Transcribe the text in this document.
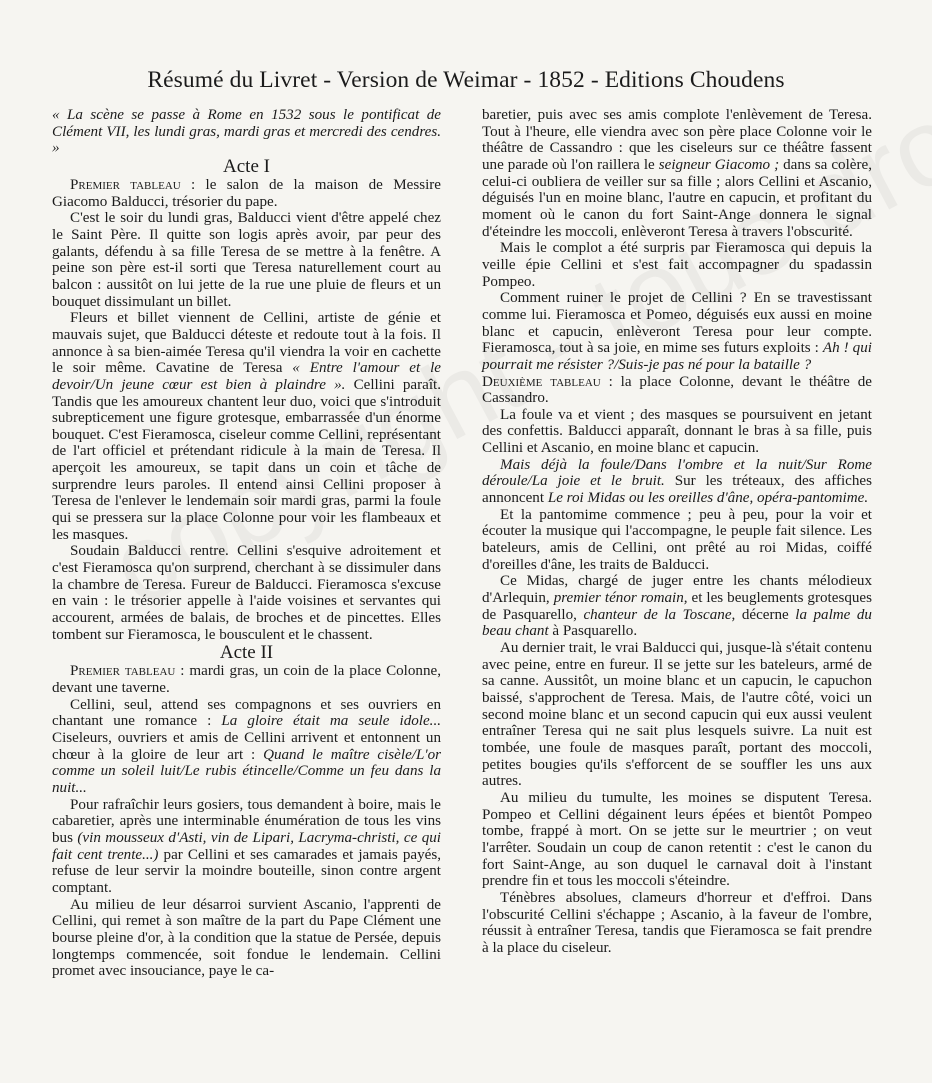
Résumé du Livret - Version de Weimar - 1852 - Editions Choudens

« La scène se passe à Rome en 1532 sous le pontificat de Clément VII, les lundi gras, mardi gras et mercredi des cendres. »

Acte I

Premier tableau : le salon de la maison de Messire Giacomo Balducci, trésorier du pape.

C'est le soir du lundi gras, Balducci vient d'être appelé chez le Saint Père. Il quitte son logis après avoir, par peur des galants, défendu à sa fille Teresa de se mettre à la fenêtre. A peine son père est-il sorti que Teresa naturellement court au balcon : aussitôt on lui jette de la rue une pluie de fleurs et un bouquet dissimulant un billet.

Fleurs et billet viennent de Cellini, artiste de génie et mauvais sujet, que Balducci déteste et redoute tout à la fois. Il annonce à sa bien-aimée Teresa qu'il viendra la voir en cachette le soir même. Cavatine de Teresa « Entre l'amour et le devoir/Un jeune cœur est bien à plaindre ». Cellini paraît. Tandis que les amoureux chantent leur duo, voici que s'introduit subrepticement une figure grotesque, embarrassée d'un énorme bouquet. C'est Fieramosca, ciseleur comme Cellini, représentant de l'art officiel et prétendant ridicule à la main de Teresa. Il aperçoit les amoureux, se tapit dans un coin et tâche de surprendre leurs paroles. Il entend ainsi Cellini proposer à Teresa de l'enlever le lendemain soir mardi gras, parmi la foule qui se pressera sur la place Colonne pour voir les flambeaux et les masques.

Soudain Balducci rentre. Cellini s'esquive adroitement et c'est Fieramosca qu'on surprend, cherchant à se dissimuler dans la chambre de Teresa. Fureur de Balducci. Fieramosca s'excuse en vain : le trésorier appelle à l'aide voisines et servantes qui accourent, armées de balais, de broches et de pincettes. Elles tombent sur Fieramosca, le bousculent et le chassent.

Acte II

Premier tableau : mardi gras, un coin de la place Colonne, devant une taverne.

Cellini, seul, attend ses compagnons et ses ouvriers en chantant une romance : La gloire était ma seule idole... Ciseleurs, ouvriers et amis de Cellini arrivent et entonnent un chœur à la gloire de leur art : Quand le maître cisèle/L'or comme un soleil luit/Le rubis étincelle/Comme un feu dans la nuit...

Pour rafraîchir leurs gosiers, tous demandent à boire, mais le cabaretier, après une interminable énumération de tous les vins bus (vin mousseux d'Asti, vin de Lipari, Lacryma-christi, ce qui fait cent trente...) par Cellini et ses camarades et jamais payés, refuse de leur servir la moindre bouteille, sinon contre argent comptant.

Au milieu de leur désarroi survient Ascanio, l'apprenti de Cellini, qui remet à son maître de la part du Pape Clément une bourse pleine d'or, à la condition que la statue de Persée, depuis longtemps commencée, soit fondue le lendemain. Cellini promet avec insouciance, paye le ca-

baretier, puis avec ses amis complote l'enlèvement de Teresa. Tout à l'heure, elle viendra avec son père place Colonne voir le théâtre de Cassandro : que les ciseleurs sur ce théâtre fassent une parade où l'on raillera le seigneur Giacomo ; dans sa colère, celui-ci oubliera de veiller sur sa fille ; alors Cellini et Ascanio, déguisés l'un en moine blanc, l'autre en capucin, et profitant du moment où le canon du fort Saint-Ange donnera le signal d'éteindre les moccoli, enlèveront Teresa à travers l'obscurité.

Mais le complot a été surpris par Fieramosca qui depuis la veille épie Cellini et s'est fait accompagner du spadassin Pompeo.

Comment ruiner le projet de Cellini ? En se travestissant comme lui. Fieramosca et Pomeo, déguisés eux aussi en moine blanc et capucin, enlèveront Teresa pour leur compte. Fieramosca, tout à sa joie, en mime ses futurs exploits : Ah ! qui pourrait me résister ?/Suis-je pas né pour la bataille ?

Deuxième tableau : la place Colonne, devant le théâtre de Cassandro.

La foule va et vient ; des masques se poursuivent en jetant des confettis. Balducci apparaît, donnant le bras à sa fille, puis Cellini et Ascanio, en moine blanc et capucin.

Mais déjà la foule/Dans l'ombre et la nuit/Sur Rome déroule/La joie et le bruit. Sur les tréteaux, des affiches annoncent Le roi Midas ou les oreilles d'âne, opéra-pantomime.

Et la pantomime commence ; peu à peu, pour la voir et écouter la musique qui l'accompagne, le peuple fait silence. Les bateleurs, amis de Cellini, ont prêté au roi Midas, coiffé d'oreilles d'âne, les traits de Balducci.

Ce Midas, chargé de juger entre les chants mélodieux d'Arlequin, premier ténor romain, et les beuglements grotesques de Pasquarello, chanteur de la Toscane, décerne la palme du beau chant à Pasquarello.

Au dernier trait, le vrai Balducci qui, jusque-là s'était contenu avec peine, entre en fureur. Il se jette sur les bateleurs, armé de sa canne. Aussitôt, un moine blanc et un capucin, le capuchon baissé, s'approchent de Teresa. Mais, de l'autre côté, voici un second moine blanc et un second capucin qui eux aussi veulent entraîner Teresa qui ne sait plus lesquels suivre. La nuit est tombée, une foule de masques paraît, portant des moccoli, petites bougies qu'ils s'efforcent de se souffler les uns aux autres.

Au milieu du tumulte, les moines se disputent Teresa. Pompeo et Cellini dégainent leurs épées et bientôt Pompeo tombe, frappé à mort. On se jette sur le meurtrier ; on veut l'arrêter. Soudain un coup de canon retentit : c'est le canon du fort Saint-Ange, au son duquel le carnaval doit à l'instant prendre fin et tous les moccoli s'éteindre.

Ténèbres absolues, clameurs d'horreur et d'effroi. Dans l'obscurité Cellini s'échappe ; Ascanio, à la faveur de l'ombre, réussit à entraîner Teresa, tandis que Fieramosca se fait prendre à la place du ciseleur.
